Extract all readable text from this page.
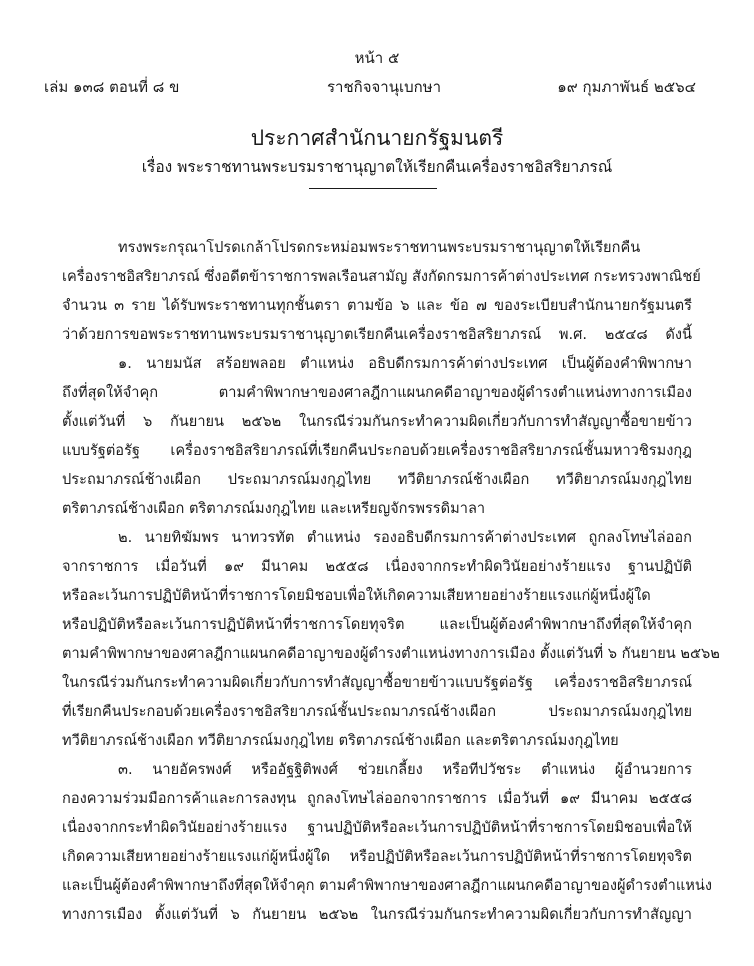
หน้า ๕
เล่ม ๑๓๘ ตอนที่ ๘ ข	ราชกิจจานุเบกษา	๑๙ กุมภาพันธ์ ๒๕๖๔
ประกาศสำนักนายกรัฐมนตรี
เรื่อง พระราชทานพระบรมราชานุญาตให้เรียกคืนเครื่องราชอิสริยาภรณ์
ทรงพระกรุณาโปรดเกล้าโปรดกระหม่อมพระราชทานพระบรมราชานุญาตให้เรียกคืน
เครื่องราชอิสริยาภรณ์ ซึ่งอดีตข้าราชการพลเรือนสามัญ สังกัดกรมการค้าต่างประเทศ กระทรวงพาณิชย์
จำนวน ๓ ราย ได้รับพระราชทานทุกชั้นตรา ตามข้อ ๖ และ ข้อ ๗ ของระเบียบสำนักนายกรัฐมนตรี
ว่าด้วยการขอพระราชทานพระบรมราชานุญาตเรียกคืนเครื่องราชอิสริยาภรณ์ พ.ศ. ๒๕๔๘ ดังนี้
๑. นายมนัส สร้อยพลอย ตำแหน่ง อธิบดีกรมการค้าต่างประเทศ เป็นผู้ต้องคำพิพากษา
ถึงที่สุดให้จำคุก ตามคำพิพากษาของศาลฎีกาแผนกคดีอาญาของผู้ดำรงตำแหน่งทางการเมือง
ตั้งแต่วันที่ ๖ กันยายน ๒๕๖๒ ในกรณีร่วมกันกระทำความผิดเกี่ยวกับการทำสัญญาซื้อขายข้าว
แบบรัฐต่อรัฐ เครื่องราชอิสริยาภรณ์ที่เรียกคืนประกอบด้วยเครื่องราชอิสริยาภรณ์ชั้นมหาวชิรมงกุฎ
ประถมาภรณ์ช้างเผือก ประถมาภรณ์มงกุฎไทย ทวีติยาภรณ์ช้างเผือก ทวีติยาภรณ์มงกุฎไทย
ตริตาภรณ์ช้างเผือก ตริตาภรณ์มงกุฎไทย และเหรียญจักรพรรดิมาลา
๒. นายทิฆัมพร นาทวรทัต ตำแหน่ง รองอธิบดีกรมการค้าต่างประเทศ ถูกลงโทษไล่ออก
จากราชการ เมื่อวันที่ ๑๙ มีนาคม ๒๕๕๘ เนื่องจากกระทำผิดวินัยอย่างร้ายแรง ฐานปฏิบัติ
หรือละเว้นการปฏิบัติหน้าที่ราชการโดยมิชอบเพื่อให้เกิดความเสียหายอย่างร้ายแรงแก่ผู้หนึ่งผู้ใด
หรือปฏิบัติหรือละเว้นการปฏิบัติหน้าที่ราชการโดยทุจริต และเป็นผู้ต้องคำพิพากษาถึงที่สุดให้จำคุก
ตามคำพิพากษาของศาลฎีกาแผนกคดีอาญาของผู้ดำรงตำแหน่งทางการเมือง ตั้งแต่วันที่ ๖ กันยายน ๒๕๖๒
ในกรณีร่วมกันกระทำความผิดเกี่ยวกับการทำสัญญาซื้อขายข้าวแบบรัฐต่อรัฐ เครื่องราชอิสริยาภรณ์
ที่เรียกคืนประกอบด้วยเครื่องราชอิสริยาภรณ์ชั้นประถมาภรณ์ช้างเผือก ประถมาภรณ์มงกุฎไทย
ทวีติยาภรณ์ช้างเผือก ทวีติยาภรณ์มงกุฎไทย ตริตาภรณ์ช้างเผือก และตริตาภรณ์มงกุฎไทย
๓. นายอัครพงศ์ หรืออัฐฐิติพงศ์ ช่วยเกลี้ยง หรือทีปวัชระ ตำแหน่ง ผู้อำนวยการ
กองความร่วมมือการค้าและการลงทุน ถูกลงโทษไล่ออกจากราชการ เมื่อวันที่ ๑๙ มีนาคม ๒๕๕๘
เนื่องจากกระทำผิดวินัยอย่างร้ายแรง ฐานปฏิบัติหรือละเว้นการปฏิบัติหน้าที่ราชการโดยมิชอบเพื่อให้
เกิดความเสียหายอย่างร้ายแรงแก่ผู้หนึ่งผู้ใด หรือปฏิบัติหรือละเว้นการปฏิบัติหน้าที่ราชการโดยทุจริต
และเป็นผู้ต้องคำพิพากษาถึงที่สุดให้จำคุก ตามคำพิพากษาของศาลฎีกาแผนกคดีอาญาของผู้ดำรงตำแหน่ง
ทางการเมือง ตั้งแต่วันที่ ๖ กันยายน ๒๕๖๒ ในกรณีร่วมกันกระทำความผิดเกี่ยวกับการทำสัญญา
